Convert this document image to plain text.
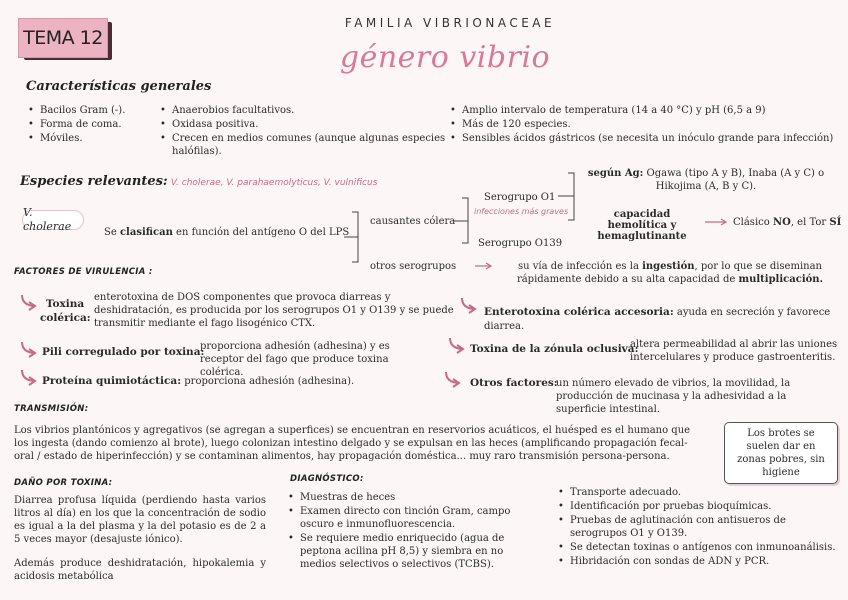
TEMA 12
FAMILIA VIBRIONACEAE
género vibrio
Características generales
• Bacilos Gram (-).
• Forma de coma.
• Móviles.
• Anaerobios facultativos.
• Oxidasa positiva.
• Crecen en medios comunes (aunque algunas especies halófilas).
• Amplio intervalo de temperatura (14 a 40 °C) y pH (6,5 a 9)
• Más de 120 especies.
• Sensibles ácidos gástricos (se necesita un inóculo grande para infección)
Especies relevantes: V. cholerae, V. parahaemolyticus, V. vulnificus
V. cholerae	Se clasifican en función del antígeno O del LPS
causantes cólera
otros serogrupos
Serogrupo O1
infecciones más graves
Serogrupo O139
según Ag: Ogawa (tipo A y B), Inaba (A y C) o Hikojima (A, B y C).
capacidad hemolítica y hemaglutinante
Clásico NO, el Tor SÍ
su vía de infección es la ingestión, por lo que se diseminan rápidamente debido a su alta capacidad de multiplicación.
FACTORES DE VIRULENCIA :
Toxina colérica:
enterotoxina de DOS componentes que provoca diarreas y deshidratación, es producida por los serogrupos O1 y O139 y se puede transmitir mediante el fago lisogénico CTX.
Pili corregulado por toxina:
proporciona adhesión (adhesina) y es receptor del fago que produce toxina colérica.
Proteína quimiotáctica: proporciona adhesión (adhesina).
Enterotoxina colérica accesoria: ayuda en secreción y favorece diarrea.
Toxina de la zónula oclusiva:
altera permeabilidad al abrir las uniones intercelulares y produce gastroenteritis.
Otros factores:
un número elevado de vibrios, la movilidad, la producción de mucinasa y la adhesividad a la superficie intestinal.
TRANSMISIÓN:
Los vibrios plantónicos y agregativos (se agregan a superfices) se encuentran en reservorios acuáticos, el huésped es el humano que los ingesta (dando comienzo al brote), luego colonizan intestino delgado y se expulsan en las heces (amplificando propagación fecal-oral / estado de hiperinfección) y se contaminan alimentos, hay propagación doméstica... muy raro transmisión persona-persona.
Los brotes se suelen dar en zonas pobres, sin higiene
DAÑO POR TOXINA:
Diarrea profusa líquida (perdiendo hasta varios litros al día) en los que la concentración de sodio es igual a la del plasma y la del potasio es de 2 a 5 veces mayor (desajuste iónico).
Además produce deshidratación, hipokalemia y acidosis metabólica
DIAGNÓSTICO:
• Muestras de heces
• Examen directo con tinción Gram, campo oscuro e inmunofluorescencia.
• Se requiere medio enriquecido (agua de peptona acilina pH 8,5) y siembra en no medios selectivos o selectivos (TCBS).
• Transporte adecuado.
• Identificación por pruebas bioquímicas.
• Pruebas de aglutinación con antisueros de serogrupos O1 y O139.
• Se detectan toxinas o antígenos con inmunoanálisis.
• Hibridación con sondas de ADN y PCR.
